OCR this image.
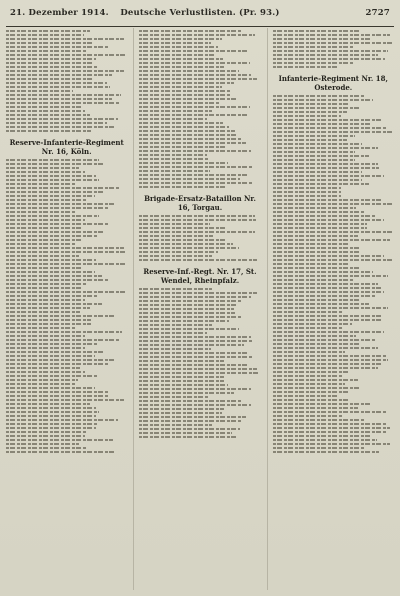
21. Dezember 1914.	Deutsche Verlustlisten. (Pr. 93.)	2727
Reserve-Infanterie-Regiment Nr. 16, Köln.
Brigade-Ersatz-Bataillon Nr. 16, Torgau.
Reserve-Inf.-Regt. Nr. 17, St. Wendel, Rheinpfalz.
Infanterie-Regiment Nr. 18, Osterode.
